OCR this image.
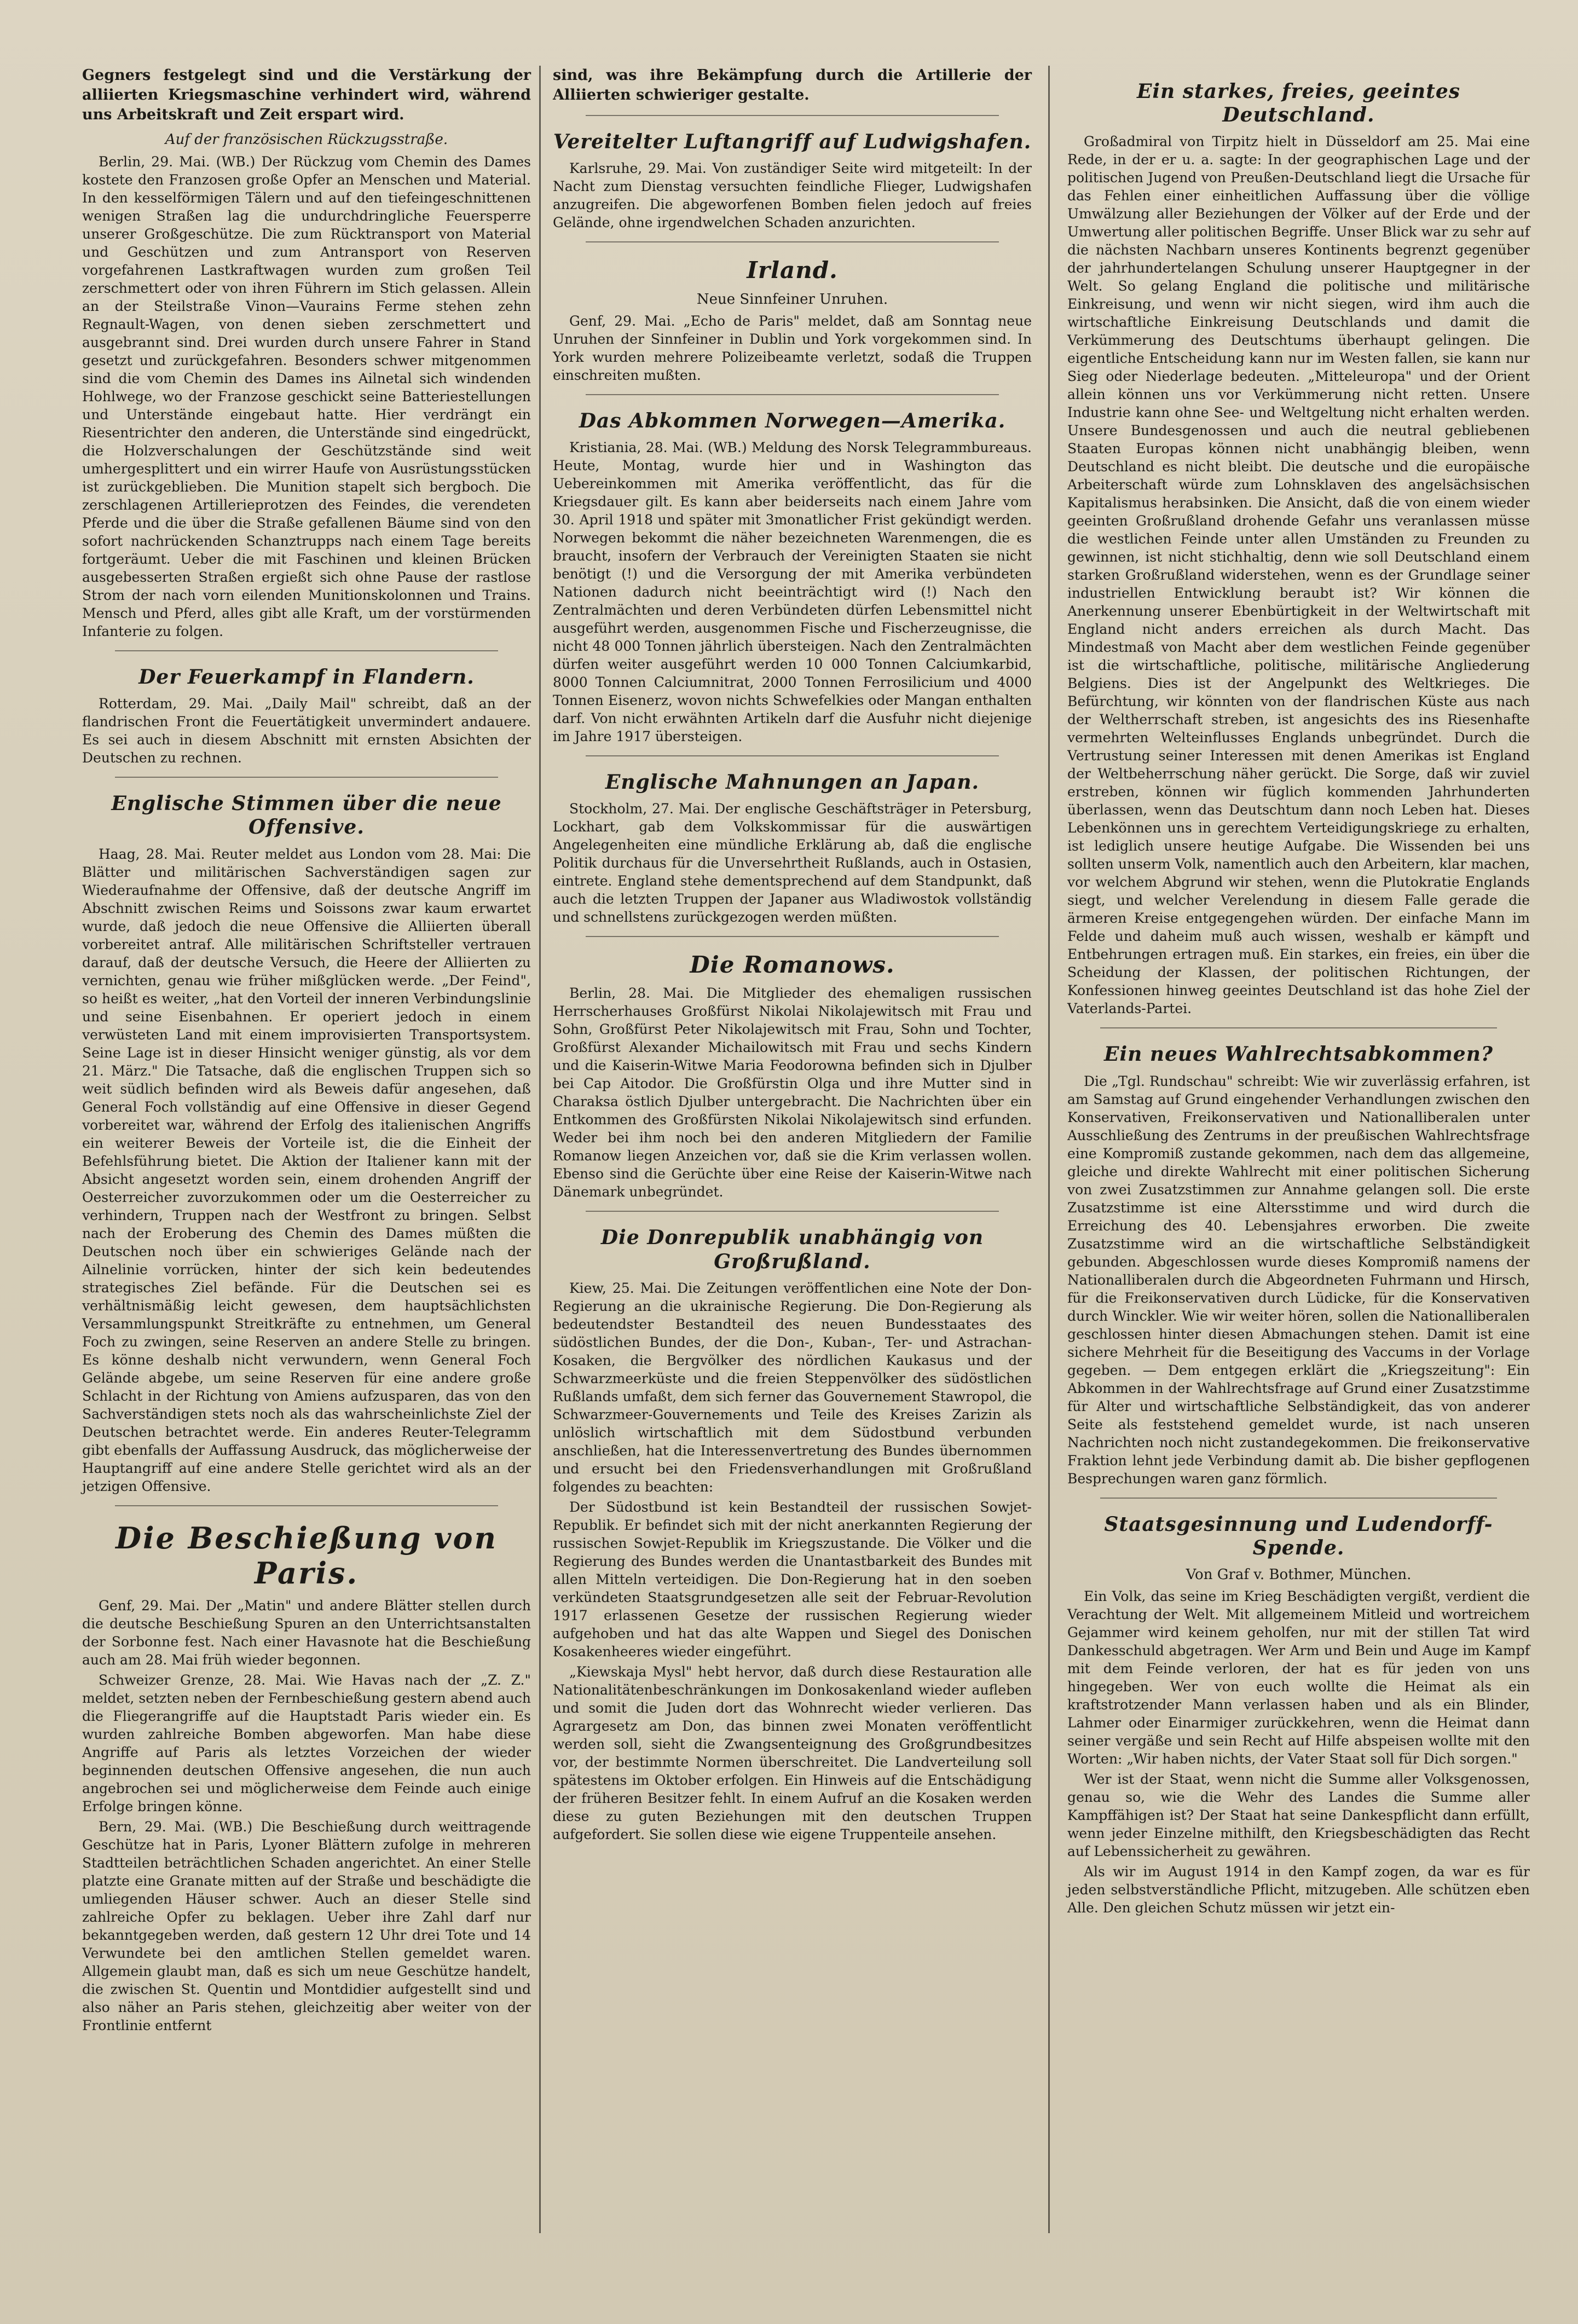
Gegners festgelegt sind und die Verstärkung der alliierten Kriegsmaschine verhindert wird, während uns Arbeitskraft und Zeit erspart wird.

Auf der französischen Rückzugsstraße.

Berlin, 29. Mai. (WB.) Der Rückzug vom Chemin des Dames kostete den Franzosen große Opfer an Menschen und Material. In den kesselförmigen Tälern und auf den tiefeingeschnittenen wenigen Straßen lag die undurchdringliche Feuersperre unserer Großgeschütze. Die zum Rücktransport von Material und Geschützen und zum Antransport von Reserven vorgefahrenen Lastkraftwagen wurden zum großen Teil zerschmettert oder von ihren Führern im Stich gelassen. Allein an der Steilstraße Vinon—Vaurains Ferme stehen zehn Regnault-Wagen, von denen sieben zerschmettert und ausgebrannt sind. Drei wurden durch unsere Fahrer in Stand gesetzt und zurückgefahren. Besonders schwer mitgenommen sind die vom Chemin des Dames ins Ailnetal sich windenden Hohlwege, wo der Franzose geschickt seine Batteriestellungen und Unterstände eingebaut hatte. Hier verdrängt ein Riesentrichter den anderen, die Unterstände sind eingedrückt, die Holzverschalungen der Geschützstände sind weit umhergesplittert und ein wirrer Haufe von Ausrüstungsstücken ist zurückgeblieben. Die Munition stapelt sich bergboch. Die zerschlagenen Artillerieprotzen des Feindes, die verendeten Pferde und die über die Straße gefallenen Bäume sind von den sofort nachrückenden Schanztrupps nach einem Tage bereits fortgeräumt. Ueber die mit Faschinen und kleinen Brücken ausgebesserten Straßen ergießt sich ohne Pause der rastlose Strom der nach vorn eilenden Munitionskolonnen und Trains. Mensch und Pferd, alles gibt alle Kraft, um der vorstürmenden Infanterie zu folgen.

Der Feuerkampf in Flandern.

Rotterdam, 29. Mai. „Daily Mail" schreibt, daß an der flandrischen Front die Feuertätigkeit unvermindert andauere. Es sei auch in diesem Abschnitt mit ernsten Absichten der Deutschen zu rechnen.

Englische Stimmen über die neue Offensive.

Haag, 28. Mai. Reuter meldet aus London vom 28. Mai: Die Blätter und militärischen Sachverständigen sagen zur Wiederaufnahme der Offensive, daß der deutsche Angriff im Abschnitt zwischen Reims und Soissons zwar kaum erwartet wurde, daß jedoch die neue Offensive die Alliierten überall vorbereitet antraf. Alle militärischen Schriftsteller vertrauen darauf, daß der deutsche Versuch, die Heere der Alliierten zu vernichten, genau wie früher mißglücken werde. „Der Feind", so heißt es weiter, „hat den Vorteil der inneren Verbindungslinie und seine Eisenbahnen. Er operiert jedoch in einem verwüsteten Land mit einem improvisierten Transportsystem. Seine Lage ist in dieser Hinsicht weniger günstig, als vor dem 21. März." Die Tatsache, daß die englischen Truppen sich so weit südlich befinden wird als Beweis dafür angesehen, daß General Foch vollständig auf eine Offensive in dieser Gegend vorbereitet war, während der Erfolg des italienischen Angriffs ein weiterer Beweis der Vorteile ist, die die Einheit der Befehlsführung bietet. Die Aktion der Italiener kann mit der Absicht angesetzt worden sein, einem drohenden Angriff der Oesterreicher zuvorzukommen oder um die Oesterreicher zu verhindern, Truppen nach der Westfront zu bringen. Selbst nach der Eroberung des Chemin des Dames müßten die Deutschen noch über ein schwieriges Gelände nach der Ailnelinie vorrücken, hinter der sich kein bedeutendes strategisches Ziel befände. Für die Deutschen sei es verhältnismäßig leicht gewesen, dem hauptsächlichsten Versammlungspunkt Streitkräfte zu entnehmen, um General Foch zu zwingen, seine Reserven an andere Stelle zu bringen. Es könne deshalb nicht verwundern, wenn General Foch Gelände abgebe, um seine Reserven für eine andere große Schlacht in der Richtung von Amiens aufzusparen, das von den Sachverständigen stets noch als das wahrscheinlichste Ziel der Deutschen betrachtet werde. Ein anderes Reuter-Telegramm gibt ebenfalls der Auffassung Ausdruck, das möglicherweise der Hauptangriff auf eine andere Stelle gerichtet wird als an der jetzigen Offensive.

Die Beschießung von Paris.

Genf, 29. Mai. Der „Matin" und andere Blätter stellen durch die deutsche Beschießung Spuren an den Unterrichtsanstalten der Sorbonne fest. Nach einer Havasnote hat die Beschießung auch am 28. Mai früh wieder begonnen.

Schweizer Grenze, 28. Mai. Wie Havas nach der „Z. Z." meldet, setzten neben der Fernbeschießung gestern abend auch die Fliegerangriffe auf die Hauptstadt Paris wieder ein. Es wurden zahlreiche Bomben abgeworfen. Man habe diese Angriffe auf Paris als letztes Vorzeichen der wieder beginnenden deutschen Offensive angesehen, die nun auch angebrochen sei und möglicherweise dem Feinde auch einige Erfolge bringen könne.

Bern, 29. Mai. (WB.) Die Beschießung durch weittragende Geschütze hat in Paris, Lyoner Blättern zufolge in mehreren Stadtteilen beträchtlichen Schaden angerichtet. An einer Stelle platzte eine Granate mitten auf der Straße und beschädigte die umliegenden Häuser schwer. Auch an dieser Stelle sind zahlreiche Opfer zu beklagen. Ueber ihre Zahl darf nur bekanntgegeben werden, daß gestern 12 Uhr drei Tote und 14 Verwundete bei den amtlichen Stellen gemeldet waren. Allgemein glaubt man, daß es sich um neue Geschütze handelt, die zwischen St. Quentin und Montdidier aufgestellt sind und also näher an Paris stehen, gleichzeitig aber weiter von der Frontlinie entfernt

sind, was ihre Bekämpfung durch die Artillerie der Alliierten schwieriger gestalte.

Vereitelter Luftangriff auf Ludwigshafen.

Karlsruhe, 29. Mai. Von zuständiger Seite wird mitgeteilt: In der Nacht zum Dienstag versuchten feindliche Flieger, Ludwigshafen anzugreifen. Die abgeworfenen Bomben fielen jedoch auf freies Gelände, ohne irgendwelchen Schaden anzurichten.

Irland.
Neue Sinnfeiner Unruhen.

Genf, 29. Mai. „Echo de Paris" meldet, daß am Sonntag neue Unruhen der Sinnfeiner in Dublin und York vorgekommen sind. In York wurden mehrere Polizeibeamte verletzt, sodaß die Truppen einschreiten mußten.

Das Abkommen Norwegen—Amerika.

Kristiania, 28. Mai. (WB.) Meldung des Norsk Telegrammbureaus. Heute, Montag, wurde hier und in Washington das Uebereinkommen mit Amerika veröffentlicht, das für die Kriegsdauer gilt. Es kann aber beiderseits nach einem Jahre vom 30. April 1918 und später mit 3monatlicher Frist gekündigt werden. Norwegen bekommt die näher bezeichneten Warenmengen, die es braucht, insofern der Verbrauch der Vereinigten Staaten sie nicht benötigt (!) und die Versorgung der mit Amerika verbündeten Nationen dadurch nicht beeinträchtigt wird (!) Nach den Zentralmächten und deren Verbündeten dürfen Lebensmittel nicht ausgeführt werden, ausgenommen Fische und Fischerzeugnisse, die nicht 48 000 Tonnen jährlich übersteigen. Nach den Zentralmächten dürfen weiter ausgeführt werden 10 000 Tonnen Calciumkarbid, 8000 Tonnen Calciumnitrat, 2000 Tonnen Ferrosilicium und 4000 Tonnen Eisenerz, wovon nichts Schwefelkies oder Mangan enthalten darf. Von nicht erwähnten Artikeln darf die Ausfuhr nicht diejenige im Jahre 1917 übersteigen.

Englische Mahnungen an Japan.

Stockholm, 27. Mai. Der englische Geschäftsträger in Petersburg, Lockhart, gab dem Volkskommissar für die auswärtigen Angelegenheiten eine mündliche Erklärung ab, daß die englische Politik durchaus für die Unversehrtheit Rußlands, auch in Ostasien, eintrete. England stehe dementsprechend auf dem Standpunkt, daß auch die letzten Truppen der Japaner aus Wladiwostok vollständig und schnellstens zurückgezogen werden müßten.

Die Romanows.

Berlin, 28. Mai. Die Mitglieder des ehemaligen russischen Herrscherhauses Großfürst Nikolai Nikolajewitsch mit Frau und Sohn, Großfürst Peter Nikolajewitsch mit Frau, Sohn und Tochter, Großfürst Alexander Michailowitsch mit Frau und sechs Kindern und die Kaiserin-Witwe Maria Feodorowna befinden sich in Djulber bei Cap Aitodor. Die Großfürstin Olga und ihre Mutter sind in Charaksa östlich Djulber untergebracht. Die Nachrichten über ein Entkommen des Großfürsten Nikolai Nikolajewitsch sind erfunden. Weder bei ihm noch bei den anderen Mitgliedern der Familie Romanow liegen Anzeichen vor, daß sie die Krim verlassen wollen. Ebenso sind die Gerüchte über eine Reise der Kaiserin-Witwe nach Dänemark unbegründet.

Die Donrepublik unabhängig von Großrußland.

Kiew, 25. Mai. Die Zeitungen veröffentlichen eine Note der Don-Regierung an die ukrainische Regierung. Die Don-Regierung als bedeutendster Bestandteil des neuen Bundesstaates des südöstlichen Bundes, der die Don-, Kuban-, Ter- und Astrachan-Kosaken, die Bergvölker des nördlichen Kaukasus und der Schwarzmeerküste und die freien Steppenvölker des südöstlichen Rußlands umfaßt, dem sich ferner das Gouvernement Stawropol, die Schwarzmeer-Gouvernements und Teile des Kreises Zarizin als unlöslich wirtschaftlich mit dem Südostbund verbunden anschließen, hat die Interessenvertretung des Bundes übernommen und ersucht bei den Friedensverhandlungen mit Großrußland folgendes zu beachten:

Der Südostbund ist kein Bestandteil der russischen Sowjet-Republik. Er befindet sich mit der nicht anerkannten Regierung der russischen Sowjet-Republik im Kriegszustande. Die Völker und die Regierung des Bundes werden die Unantastbarkeit des Bundes mit allen Mitteln verteidigen. Die Don-Regierung hat in den soeben verkündeten Staatsgrundgesetzen alle seit der Februar-Revolution 1917 erlassenen Gesetze der russischen Regierung wieder aufgehoben und hat das alte Wappen und Siegel des Donischen Kosakenheeres wieder eingeführt.

„Kiewskaja Mysl" hebt hervor, daß durch diese Restauration alle Nationalitätenbeschränkungen im Donkosakenland wieder aufleben und somit die Juden dort das Wohnrecht wieder verlieren. Das Agrargesetz am Don, das binnen zwei Monaten veröffentlicht werden soll, sieht die Zwangsenteignung des Großgrundbesitzes vor, der bestimmte Normen überschreitet. Die Landverteilung soll spätestens im Oktober erfolgen. Ein Hinweis auf die Entschädigung der früheren Besitzer fehlt. In einem Aufruf an die Kosaken werden diese zu guten Beziehungen mit den deutschen Truppen aufgefordert. Sie sollen diese wie eigene Truppenteile ansehen.

Ein starkes, freies, geeintes Deutschland.

Großadmiral von Tirpitz hielt in Düsseldorf am 25. Mai eine Rede, in der er u. a. sagte: In der geographischen Lage und der politischen Jugend von Preußen-Deutschland liegt die Ursache für das Fehlen einer einheitlichen Auffassung über die völlige Umwälzung aller Beziehungen der Völker auf der Erde und der Umwertung aller politischen Begriffe. Unser Blick war zu sehr auf die nächsten Nachbarn unseres Kontinents begrenzt gegenüber der jahrhundertelangen Schulung unserer Hauptgegner in der Welt. So gelang England die politische und militärische Einkreisung, und wenn wir nicht siegen, wird ihm auch die wirtschaftliche Einkreisung Deutschlands und damit die Verkümmerung des Deutschtums überhaupt gelingen. Die eigentliche Entscheidung kann nur im Westen fallen, sie kann nur Sieg oder Niederlage bedeuten. „Mitteleuropa" und der Orient allein können uns vor Verkümmerung nicht retten. Unsere Industrie kann ohne See- und Weltgeltung nicht erhalten werden. Unsere Bundesgenossen und auch die neutral gebliebenen Staaten Europas können nicht unabhängig bleiben, wenn Deutschland es nicht bleibt. Die deutsche und die europäische Arbeiterschaft würde zum Lohnsklaven des angelsächsischen Kapitalismus herabsinken. Die Ansicht, daß die von einem wieder geeinten Großrußland drohende Gefahr uns veranlassen müsse die westlichen Feinde unter allen Umständen zu Freunden zu gewinnen, ist nicht stichhaltig, denn wie soll Deutschland einem starken Großrußland widerstehen, wenn es der Grundlage seiner industriellen Entwicklung beraubt ist? Wir können die Anerkennung unserer Ebenbürtigkeit in der Weltwirtschaft mit England nicht anders erreichen als durch Macht. Das Mindestmaß von Macht aber dem westlichen Feinde gegenüber ist die wirtschaftliche, politische, militärische Angliederung Belgiens. Dies ist der Angelpunkt des Weltkrieges. Die Befürchtung, wir könnten von der flandrischen Küste aus nach der Weltherrschaft streben, ist angesichts des ins Riesenhafte vermehrten Welteinflusses Englands unbegründet. Durch die Vertrustung seiner Interessen mit denen Amerikas ist England der Weltbeherrschung näher gerückt. Die Sorge, daß wir zuviel erstreben, können wir füglich kommenden Jahrhunderten überlassen, wenn das Deutschtum dann noch Leben hat. Dieses Lebenkönnen uns in gerechtem Verteidigungskriege zu erhalten, ist lediglich unsere heutige Aufgabe. Die Wissenden bei uns sollten unserm Volk, namentlich auch den Arbeitern, klar machen, vor welchem Abgrund wir stehen, wenn die Plutokratie Englands siegt, und welcher Verelendung in diesem Falle gerade die ärmeren Kreise entgegengehen würden. Der einfache Mann im Felde und daheim muß auch wissen, weshalb er kämpft und Entbehrungen ertragen muß. Ein starkes, ein freies, ein über die Scheidung der Klassen, der politischen Richtungen, der Konfessionen hinweg geeintes Deutschland ist das hohe Ziel der Vaterlands-Partei.

Ein neues Wahlrechtsabkommen?

Die „Tgl. Rundschau" schreibt: Wie wir zuverlässig erfahren, ist am Samstag auf Grund eingehender Verhandlungen zwischen den Konservativen, Freikonservativen und Nationalliberalen unter Ausschließung des Zentrums in der preußischen Wahlrechtsfrage eine Kompromiß zustande gekommen, nach dem das allgemeine, gleiche und direkte Wahlrecht mit einer politischen Sicherung von zwei Zusatzstimmen zur Annahme gelangen soll. Die erste Zusatzstimme ist eine Altersstimme und wird durch die Erreichung des 40. Lebensjahres erworben. Die zweite Zusatzstimme wird an die wirtschaftliche Selbständigkeit gebunden. Abgeschlossen wurde dieses Kompromiß namens der Nationalliberalen durch die Abgeordneten Fuhrmann und Hirsch, für die Freikonservativen durch Lüdicke, für die Konservativen durch Winckler. Wie wir weiter hören, sollen die Nationalliberalen geschlossen hinter diesen Abmachungen stehen. Damit ist eine sichere Mehrheit für die Beseitigung des Vaccums in der Vorlage gegeben. — Dem entgegen erklärt die „Kriegszeitung": Ein Abkommen in der Wahlrechtsfrage auf Grund einer Zusatzstimme für Alter und wirtschaftliche Selbständigkeit, das von anderer Seite als feststehend gemeldet wurde, ist nach unseren Nachrichten noch nicht zustandegekommen. Die freikonservative Fraktion lehnt jede Verbindung damit ab. Die bisher gepflogenen Besprechungen waren ganz förmlich.

Staatsgesinnung und Ludendorff-Spende.
Von Graf v. Bothmer, München.

Ein Volk, das seine im Krieg Beschädigten vergißt, verdient die Verachtung der Welt. Mit allgemeinem Mitleid und wortreichem Gejammer wird keinem geholfen, nur mit der stillen Tat wird Dankesschuld abgetragen. Wer Arm und Bein und Auge im Kampf mit dem Feinde verloren, der hat es für jeden von uns hingegeben. Wer von euch wollte die Heimat als ein kraftstrotzender Mann verlassen haben und als ein Blinder, Lahmer oder Einarmiger zurückkehren, wenn die Heimat dann seiner vergäße und sein Recht auf Hilfe abspeisen wollte mit den Worten: „Wir haben nichts, der Vater Staat soll für Dich sorgen."

Wer ist der Staat, wenn nicht die Summe aller Volksgenossen, genau so, wie die Wehr des Landes die Summe aller Kampffähigen ist? Der Staat hat seine Dankespflicht dann erfüllt, wenn jeder Einzelne mithilft, den Kriegsbeschädigten das Recht auf Lebenssicherheit zu gewähren.

Als wir im August 1914 in den Kampf zogen, da war es für jeden selbstverständliche Pflicht, mitzugeben. Alle schützen eben Alle. Den gleichen Schutz müssen wir jetzt ein-
